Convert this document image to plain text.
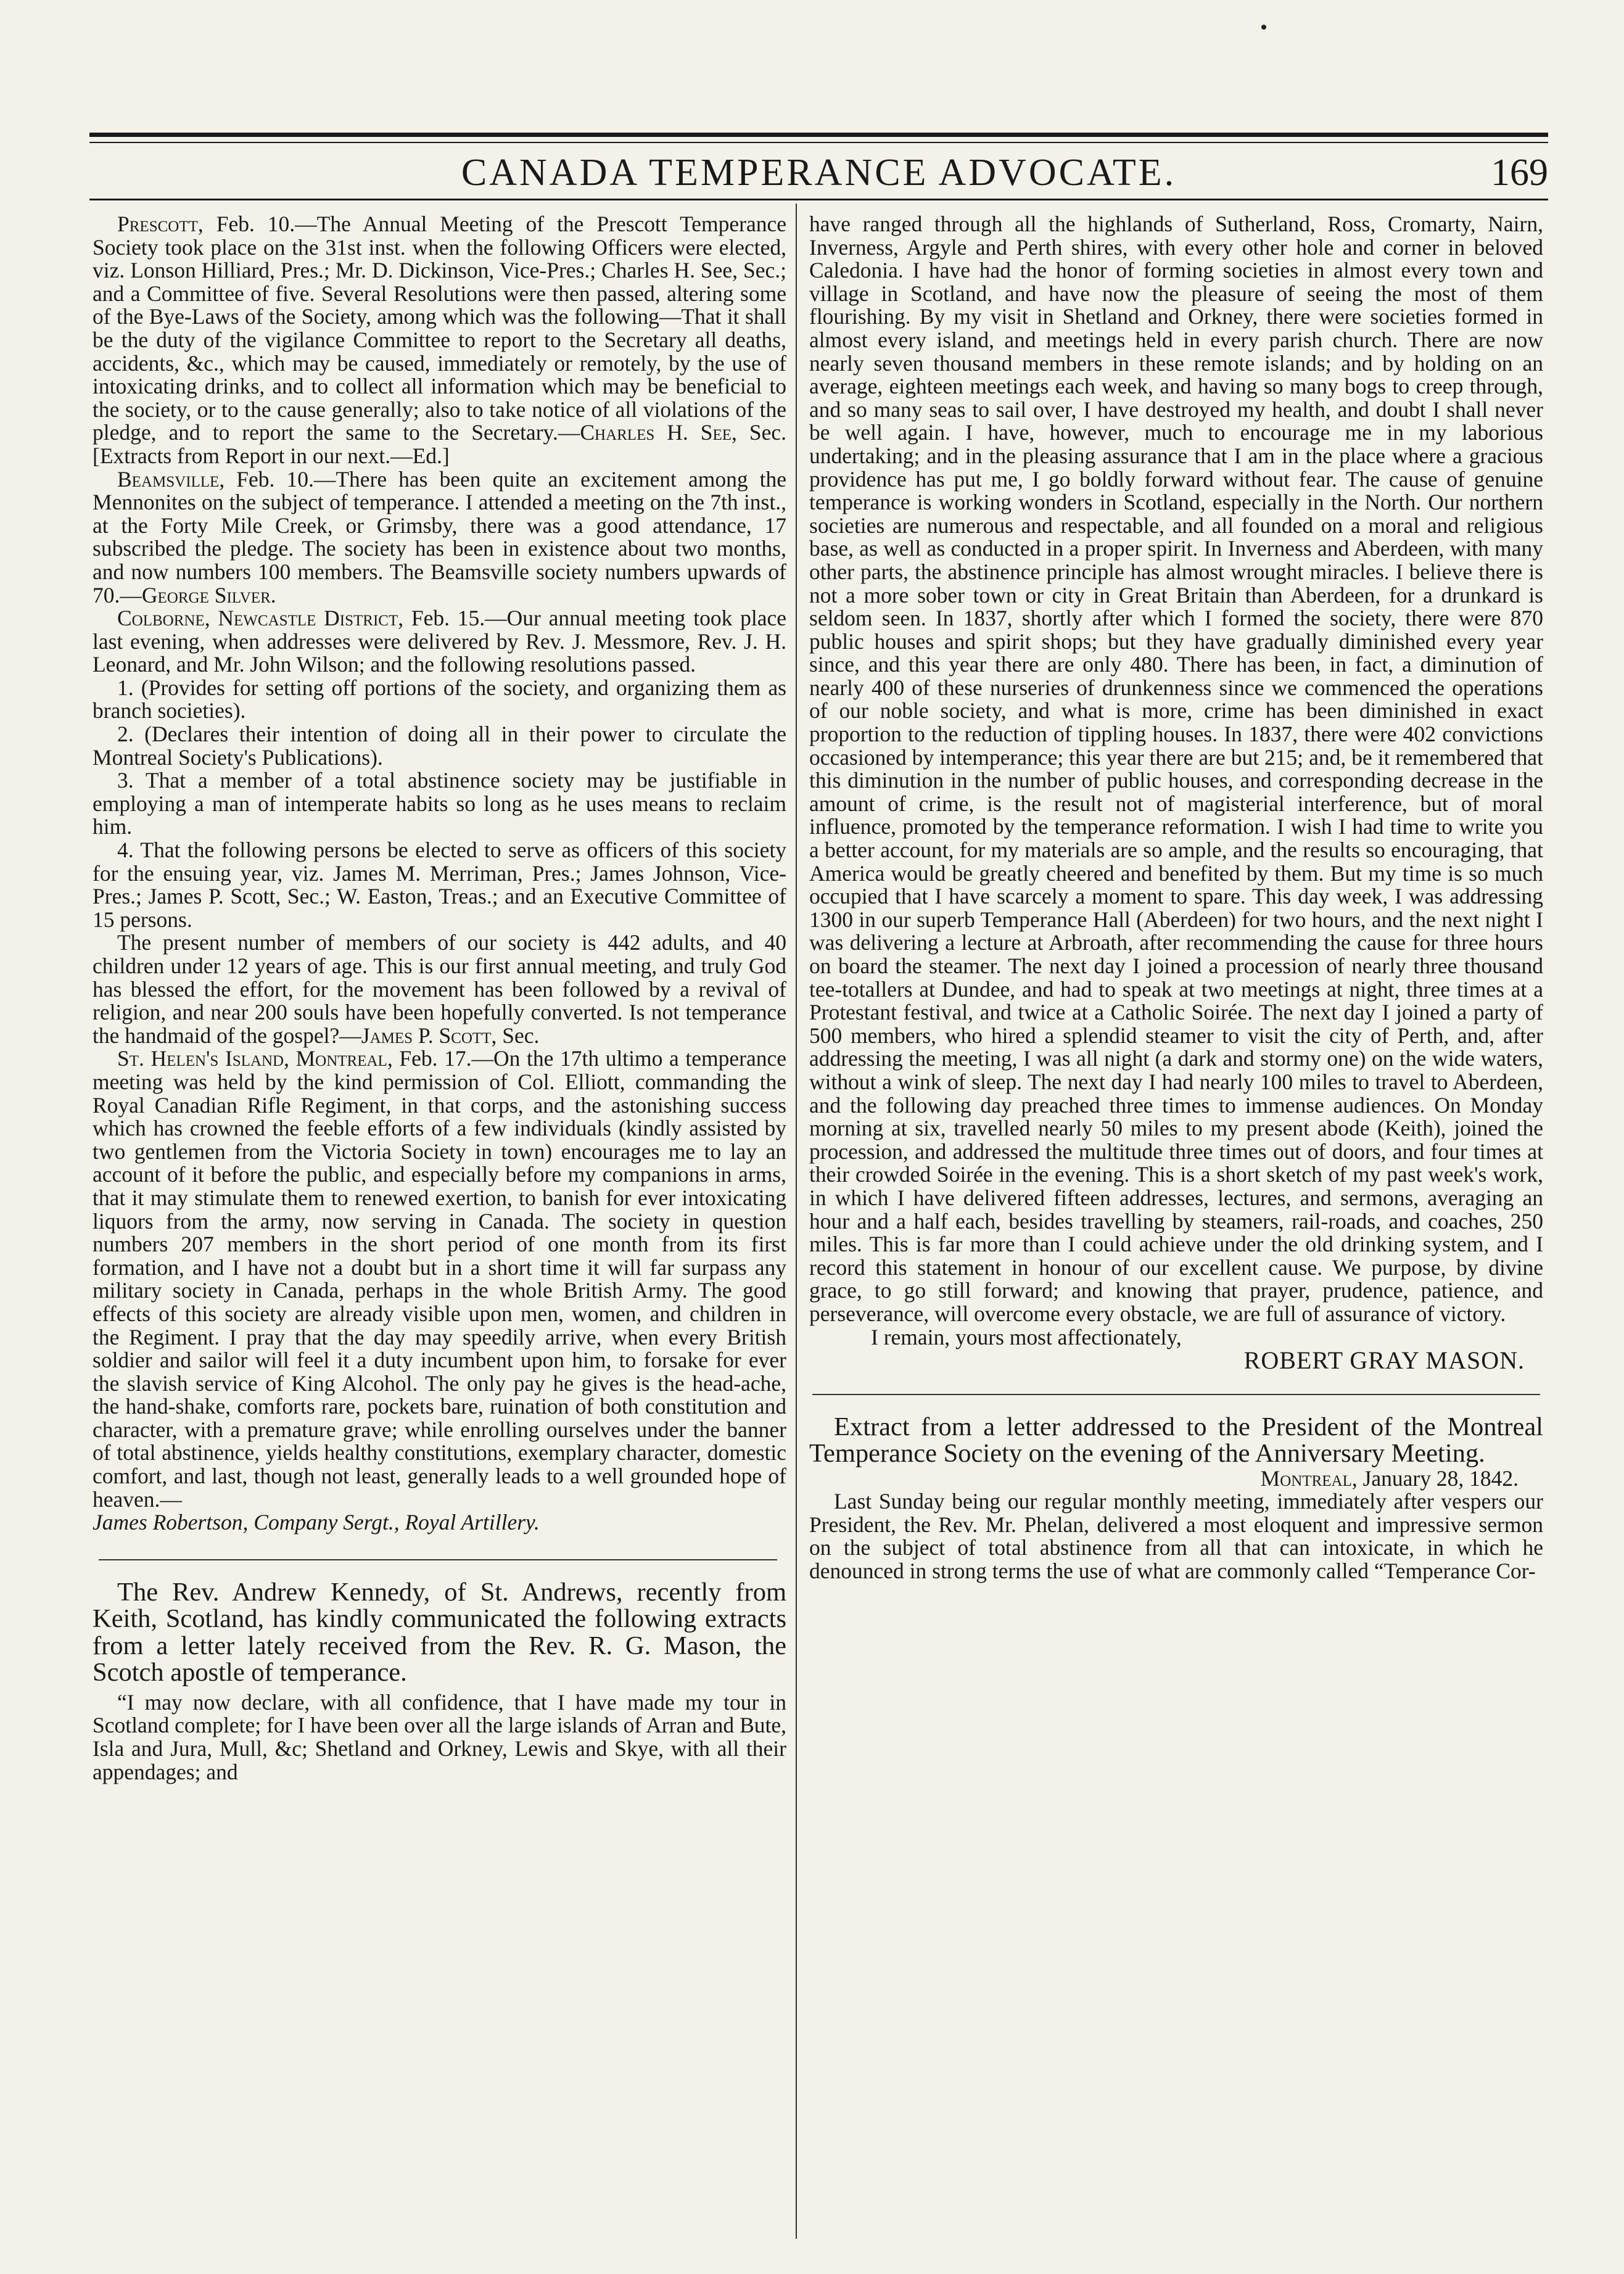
CANADA TEMPERANCE ADVOCATE.	169

Prescott, Feb. 10.—The Annual Meeting of the Prescott Temperance Society took place on the 31st inst. when the following Officers were elected, viz. Lonson Hilliard, Pres.; Mr. D. Dickinson, Vice-Pres.; Charles H. See, Sec.; and a Committee of five. Several Resolutions were then passed, altering some of the Bye-Laws of the Society, among which was the following—That it shall be the duty of the vigilance Committee to report to the Secretary all deaths, accidents, &c., which may be caused, immediately or remotely, by the use of intoxicating drinks, and to collect all information which may be beneficial to the society, or to the cause generally; also to take notice of all violations of the pledge, and to report the same to the Secretary.—Charles H. See, Sec. [Extracts from Report in our next.—Ed.]

Beamsville, Feb. 10.—There has been quite an excitement among the Mennonites on the subject of temperance. I attended a meeting on the 7th inst., at the Forty Mile Creek, or Grimsby, there was a good attendance, 17 subscribed the pledge. The society has been in existence about two months, and now numbers 100 members. The Beamsville society numbers upwards of 70.—George Silver.

Colborne, Newcastle District, Feb. 15.—Our annual meeting took place last evening, when addresses were delivered by Rev. J. Messmore, Rev. J. H. Leonard, and Mr. John Wilson; and the following resolutions passed.

1. (Provides for setting off portions of the society, and organizing them as branch societies).

2. (Declares their intention of doing all in their power to circulate the Montreal Society's Publications).

3. That a member of a total abstinence society may be justifiable in employing a man of intemperate habits so long as he uses means to reclaim him.

4. That the following persons be elected to serve as officers of this society for the ensuing year, viz. James M. Merriman, Pres.; James Johnson, Vice-Pres.; James P. Scott, Sec.; W. Easton, Treas.; and an Executive Committee of 15 persons.

The present number of members of our society is 442 adults, and 40 children under 12 years of age. This is our first annual meeting, and truly God has blessed the effort, for the movement has been followed by a revival of religion, and near 200 souls have been hopefully converted. Is not temperance the handmaid of the gospel?—James P. Scott, Sec.

St. Helen's Island, Montreal, Feb. 17.—On the 17th ultimo a temperance meeting was held by the kind permission of Col. Elliott, commanding the Royal Canadian Rifle Regiment, in that corps, and the astonishing success which has crowned the feeble efforts of a few individuals (kindly assisted by two gentlemen from the Victoria Society in town) encourages me to lay an account of it before the public, and especially before my companions in arms, that it may stimulate them to renewed exertion, to banish for ever intoxicating liquors from the army, now serving in Canada. The society in question numbers 207 members in the short period of one month from its first formation, and I have not a doubt but in a short time it will far surpass any military society in Canada, perhaps in the whole British Army. The good effects of this society are already visible upon men, women, and children in the Regiment. I pray that the day may speedily arrive, when every British soldier and sailor will feel it a duty incumbent upon him, to forsake for ever the slavish service of King Alcohol. The only pay he gives is the head-ache, the hand-shake, comforts rare, pockets bare, ruination of both constitution and character, with a premature grave; while enrolling ourselves under the banner of total abstinence, yields healthy constitutions, exemplary character, domestic comfort, and last, though not least, generally leads to a well grounded hope of heaven.—

James Robertson, Company Sergt., Royal Artillery.

The Rev. Andrew Kennedy, of St. Andrews, recently from Keith, Scotland, has kindly communicated the following extracts from a letter lately received from the Rev. R. G. Mason, the Scotch apostle of temperance.

“I may now declare, with all confidence, that I have made my tour in Scotland complete; for I have been over all the large islands of Arran and Bute, Isla and Jura, Mull, &c; Shetland and Orkney, Lewis and Skye, with all their appendages; and

have ranged through all the highlands of Sutherland, Ross, Cromarty, Nairn, Inverness, Argyle and Perth shires, with every other hole and corner in beloved Caledonia. I have had the honor of forming societies in almost every town and village in Scotland, and have now the pleasure of seeing the most of them flourishing. By my visit in Shetland and Orkney, there were societies formed in almost every island, and meetings held in every parish church. There are now nearly seven thousand members in these remote islands; and by holding on an average, eighteen meetings each week, and having so many bogs to creep through, and so many seas to sail over, I have destroyed my health, and doubt I shall never be well again. I have, however, much to encourage me in my laborious undertaking; and in the pleasing assurance that I am in the place where a gracious providence has put me, I go boldly forward without fear. The cause of genuine temperance is working wonders in Scotland, especially in the North. Our northern societies are numerous and respectable, and all founded on a moral and religious base, as well as conducted in a proper spirit. In Inverness and Aberdeen, with many other parts, the abstinence principle has almost wrought miracles. I believe there is not a more sober town or city in Great Britain than Aberdeen, for a drunkard is seldom seen. In 1837, shortly after which I formed the society, there were 870 public houses and spirit shops; but they have gradually diminished every year since, and this year there are only 480. There has been, in fact, a diminution of nearly 400 of these nurseries of drunkenness since we commenced the operations of our noble society, and what is more, crime has been diminished in exact proportion to the reduction of tippling houses. In 1837, there were 402 convictions occasioned by intemperance; this year there are but 215; and, be it remembered that this diminution in the number of public houses, and corresponding decrease in the amount of crime, is the result not of magisterial interference, but of moral influence, promoted by the temperance reformation. I wish I had time to write you a better account, for my materials are so ample, and the results so encouraging, that America would be greatly cheered and benefited by them. But my time is so much occupied that I have scarcely a moment to spare. This day week, I was addressing 1300 in our superb Temperance Hall (Aberdeen) for two hours, and the next night I was delivering a lecture at Arbroath, after recommending the cause for three hours on board the steamer. The next day I joined a procession of nearly three thousand tee-totallers at Dundee, and had to speak at two meetings at night, three times at a Protestant festival, and twice at a Catholic Soirée. The next day I joined a party of 500 members, who hired a splendid steamer to visit the city of Perth, and, after addressing the meeting, I was all night (a dark and stormy one) on the wide waters, without a wink of sleep. The next day I had nearly 100 miles to travel to Aberdeen, and the following day preached three times to immense audiences. On Monday morning at six, travelled nearly 50 miles to my present abode (Keith), joined the procession, and addressed the multitude three times out of doors, and four times at their crowded Soirée in the evening. This is a short sketch of my past week's work, in which I have delivered fifteen addresses, lectures, and sermons, averaging an hour and a half each, besides travelling by steamers, rail-roads, and coaches, 250 miles. This is far more than I could achieve under the old drinking system, and I record this statement in honour of our excellent cause. We purpose, by divine grace, to go still forward; and knowing that prayer, prudence, patience, and perseverance, will overcome every obstacle, we are full of assurance of victory.

I remain, yours most affectionately,

ROBERT GRAY MASON.

Extract from a letter addressed to the President of the Montreal Temperance Society on the evening of the Anniversary Meeting.

Montreal, January 28, 1842.

Last Sunday being our regular monthly meeting, immediately after vespers our President, the Rev. Mr. Phelan, delivered a most eloquent and impressive sermon on the subject of total abstinence from all that can intoxicate, in which he denounced in strong terms the use of what are commonly called “Temperance Cor-
